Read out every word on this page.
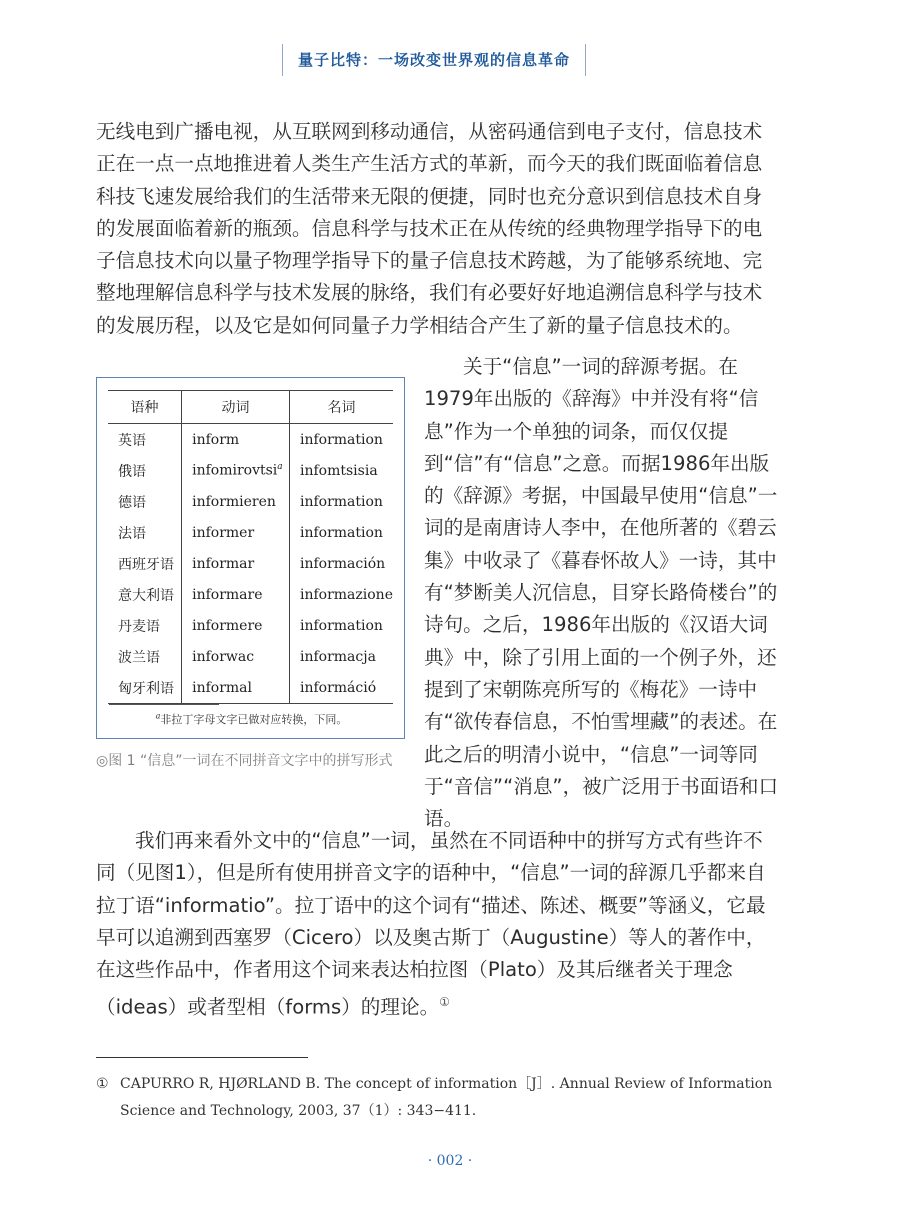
量子比特：一场改变世界观的信息革命

无线电到广播电视，从互联网到移动通信，从密码通信到电子支付，信息技术正在一点一点地推进着人类生产生活方式的革新，而今天的我们既面临着信息科技飞速发展给我们的生活带来无限的便捷，同时也充分意识到信息技术自身的发展面临着新的瓶颈。信息科学与技术正在从传统的经典物理学指导下的电子信息技术向以量子物理学指导下的量子信息技术跨越，为了能够系统地、完整地理解信息科学与技术发展的脉络，我们有必要好好地追溯信息科学与技术的发展历程，以及它是如何同量子力学相结合产生了新的量子信息技术的。

关于“信息”一词的辞源考据。在1979年出版的《辞海》中并没有将“信息”作为一个单独的词条，而仅仅提到“信”有“信息”之意。而据1986年出版的《辞源》考据，中国最早使用“信息”一词的是南唐诗人李中，在他所著的《碧云集》中收录了《暮春怀故人》一诗，其中有“梦断美人沉信息，目穿长路倚楼台”的诗句。之后，1986年出版的《汉语大词典》中，除了引用上面的一个例子外，还提到了宋朝陈亮所写的《梅花》一诗中有“欲传春信息，不怕雪埋藏”的表述。在此之后的明清小说中，“信息”一词等同于“音信”“消息”，被广泛用于书面语和口语。

语种	动词	名词
英语	inform	information
俄语	infomirovtsi$^a$	infomtsisia
德语	informieren	information
法语	informer	information
西班牙语	informar	información
意大利语	informare	informazione
丹麦语	informere	information
波兰语	inforwac	informacja
匈牙利语	informal	információ
$^a$非拉丁字母文字已做对应转换，下同。
◎图 1 “信息”一词在不同拼音文字中的拼写形式

我们再来看外文中的“信息”一词，虽然在不同语种中的拼写方式有些许不同（见图1），但是所有使用拼音文字的语种中，“信息”一词的辞源几乎都来自拉丁语“informatio”。拉丁语中的这个词有“描述、陈述、概要”等涵义，它最早可以追溯到西塞罗（Cicero）以及奥古斯丁（Augustine）等人的著作中，在这些作品中，作者用这个词来表达柏拉图（Plato）及其后继者关于理念（ideas）或者型相（forms）的理论。①

① CAPURRO R, HJØRLAND B. The concept of information［J］. Annual Review of Information Science and Technology, 2003, 37（1）: 343−411.
· 002 ·
